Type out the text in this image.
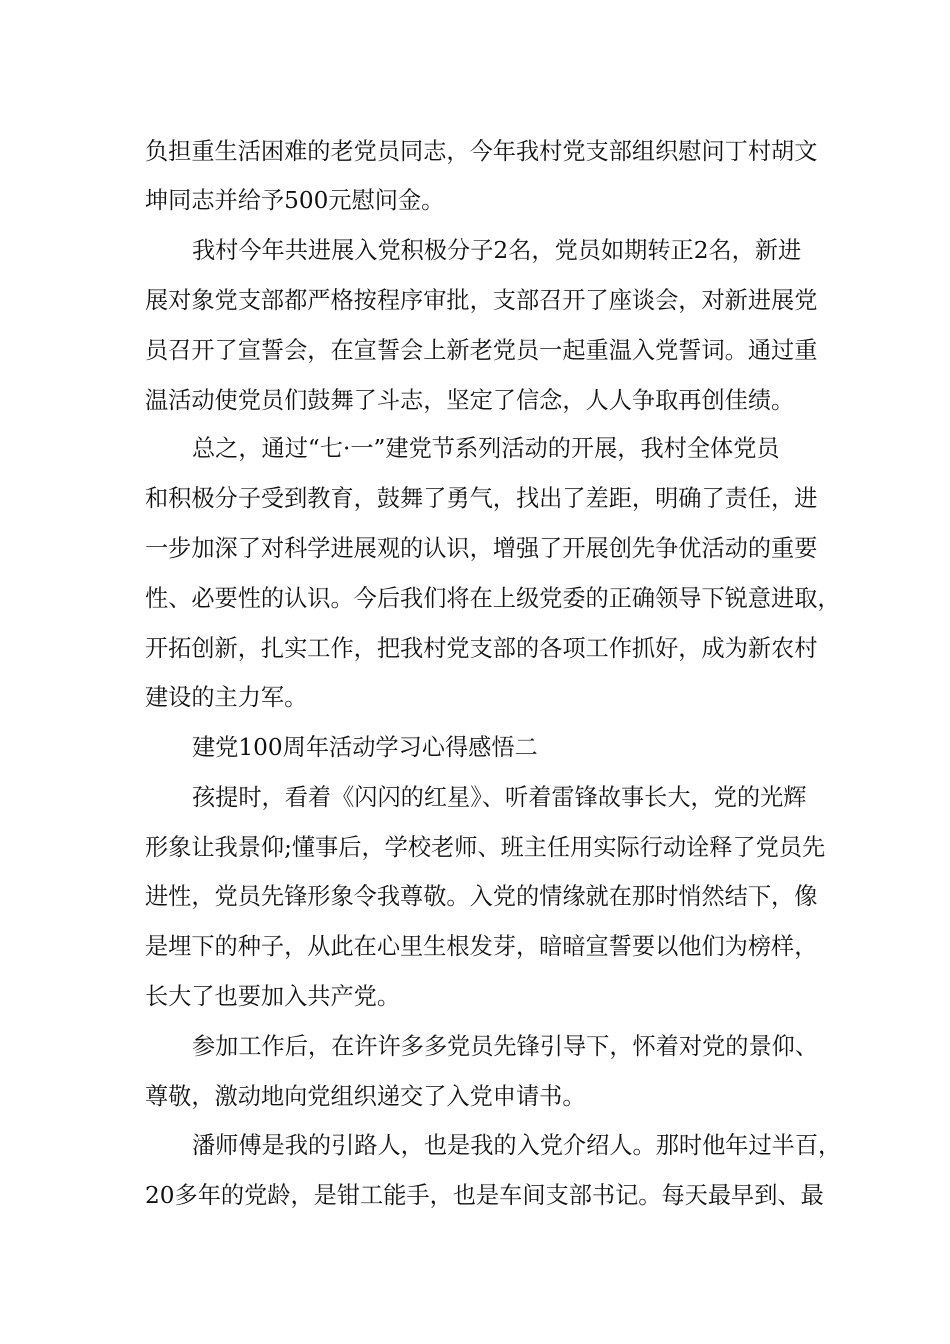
负担重生活困难的老党员同志，今年我村党支部组织慰问丁村胡文
坤同志并给予500元慰问金。
我村今年共进展入党积极分子2名，党员如期转正2名，新进
展对象党支部都严格按程序审批，支部召开了座谈会，对新进展党
员召开了宣誓会，在宣誓会上新老党员一起重温入党誓词。通过重
温活动使党员们鼓舞了斗志，坚定了信念，人人争取再创佳绩。
总之，通过“七·一”建党节系列活动的开展，我村全体党员
和积极分子受到教育，鼓舞了勇气，找出了差距，明确了责任，进
一步加深了对科学进展观的认识，增强了开展创先争优活动的重要
性、必要性的认识。今后我们将在上级党委的正确领导下锐意进取，
开拓创新，扎实工作，把我村党支部的各项工作抓好，成为新农村
建设的主力军。
建党100周年活动学习心得感悟二
孩提时，看着《闪闪的红星》、听着雷锋故事长大，党的光辉
形象让我景仰;懂事后，学校老师、班主任用实际行动诠释了党员先
进性，党员先锋形象令我尊敬。入党的情缘就在那时悄然结下，像
是埋下的种子，从此在心里生根发芽，暗暗宣誓要以他们为榜样，
长大了也要加入共产党。
参加工作后，在许许多多党员先锋引导下，怀着对党的景仰、
尊敬，激动地向党组织递交了入党申请书。
潘师傅是我的引路人，也是我的入党介绍人。那时他年过半百，
20多年的党龄，是钳工能手，也是车间支部书记。每天最早到、最
